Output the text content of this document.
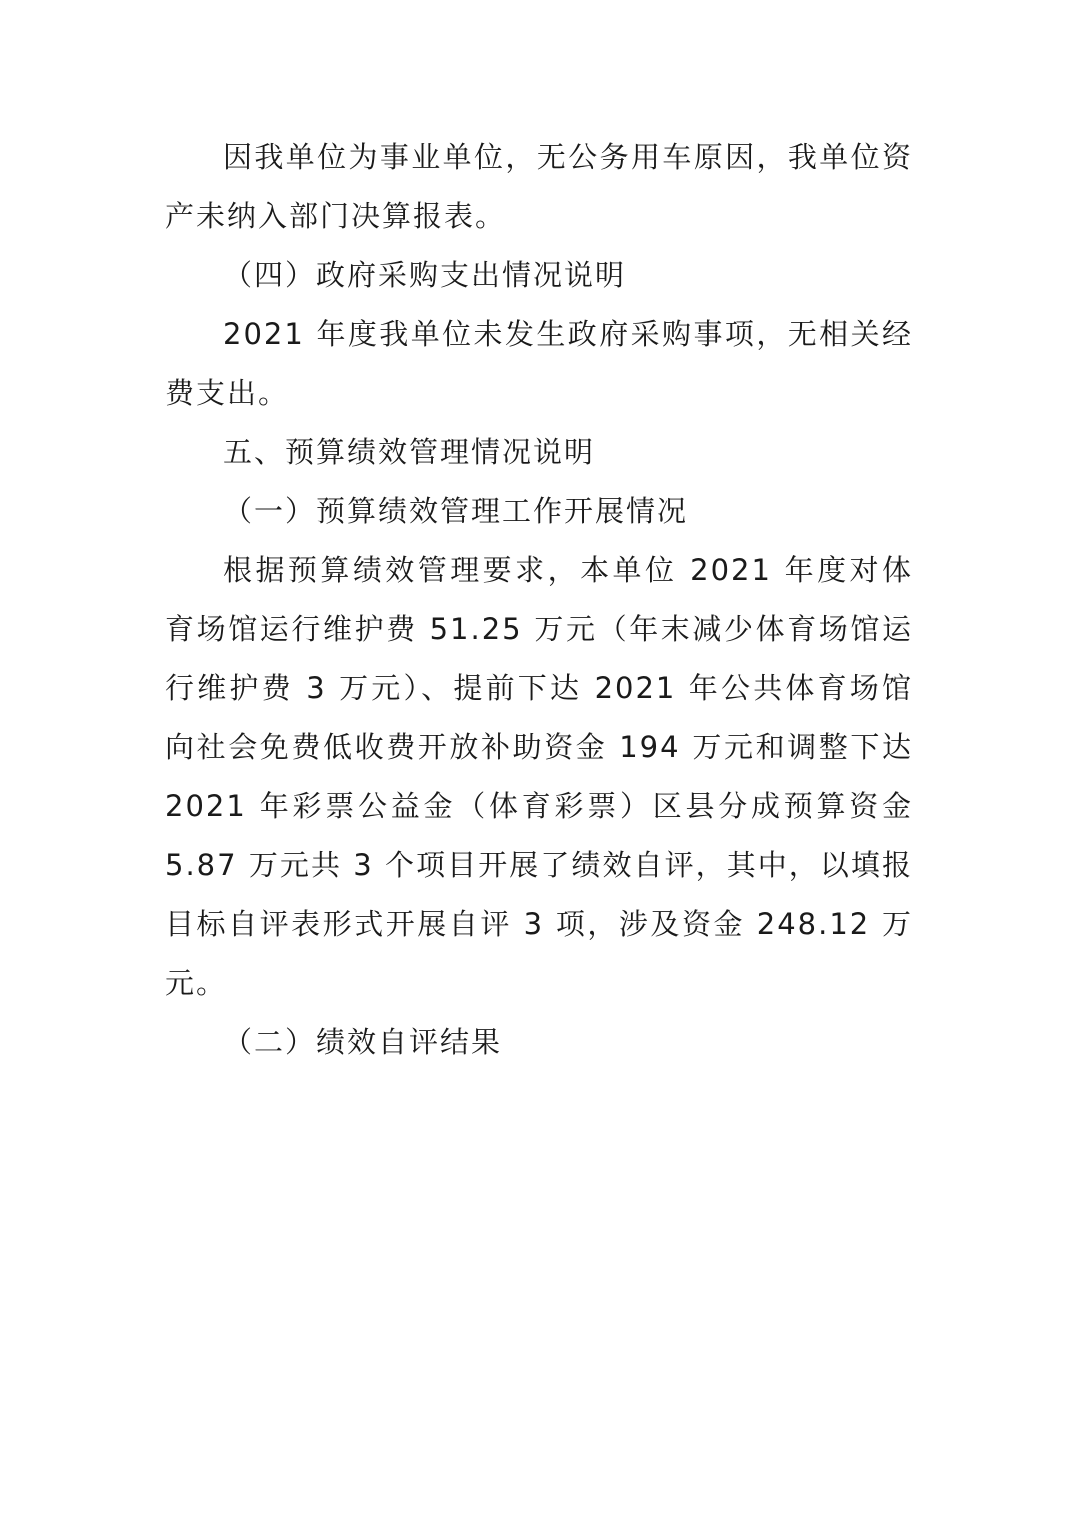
因我单位为事业单位，无公务用车原因，我单位资产未纳入部门决算报表。

（四）政府采购支出情况说明

2021 年度我单位未发生政府采购事项，无相关经费支出。

五、预算绩效管理情况说明

（一）预算绩效管理工作开展情况

根据预算绩效管理要求，本单位 2021 年度对体育场馆运行维护费 51.25 万元（年末减少体育场馆运行维护费 3 万元）、提前下达 2021 年公共体育场馆向社会免费低收费开放补助资金 194 万元和调整下达 2021 年彩票公益金（体育彩票）区县分成预算资金 5.87 万元共 3 个项目开展了绩效自评，其中，以填报目标自评表形式开展自评 3 项，涉及资金 248.12 万元。

（二）绩效自评结果
